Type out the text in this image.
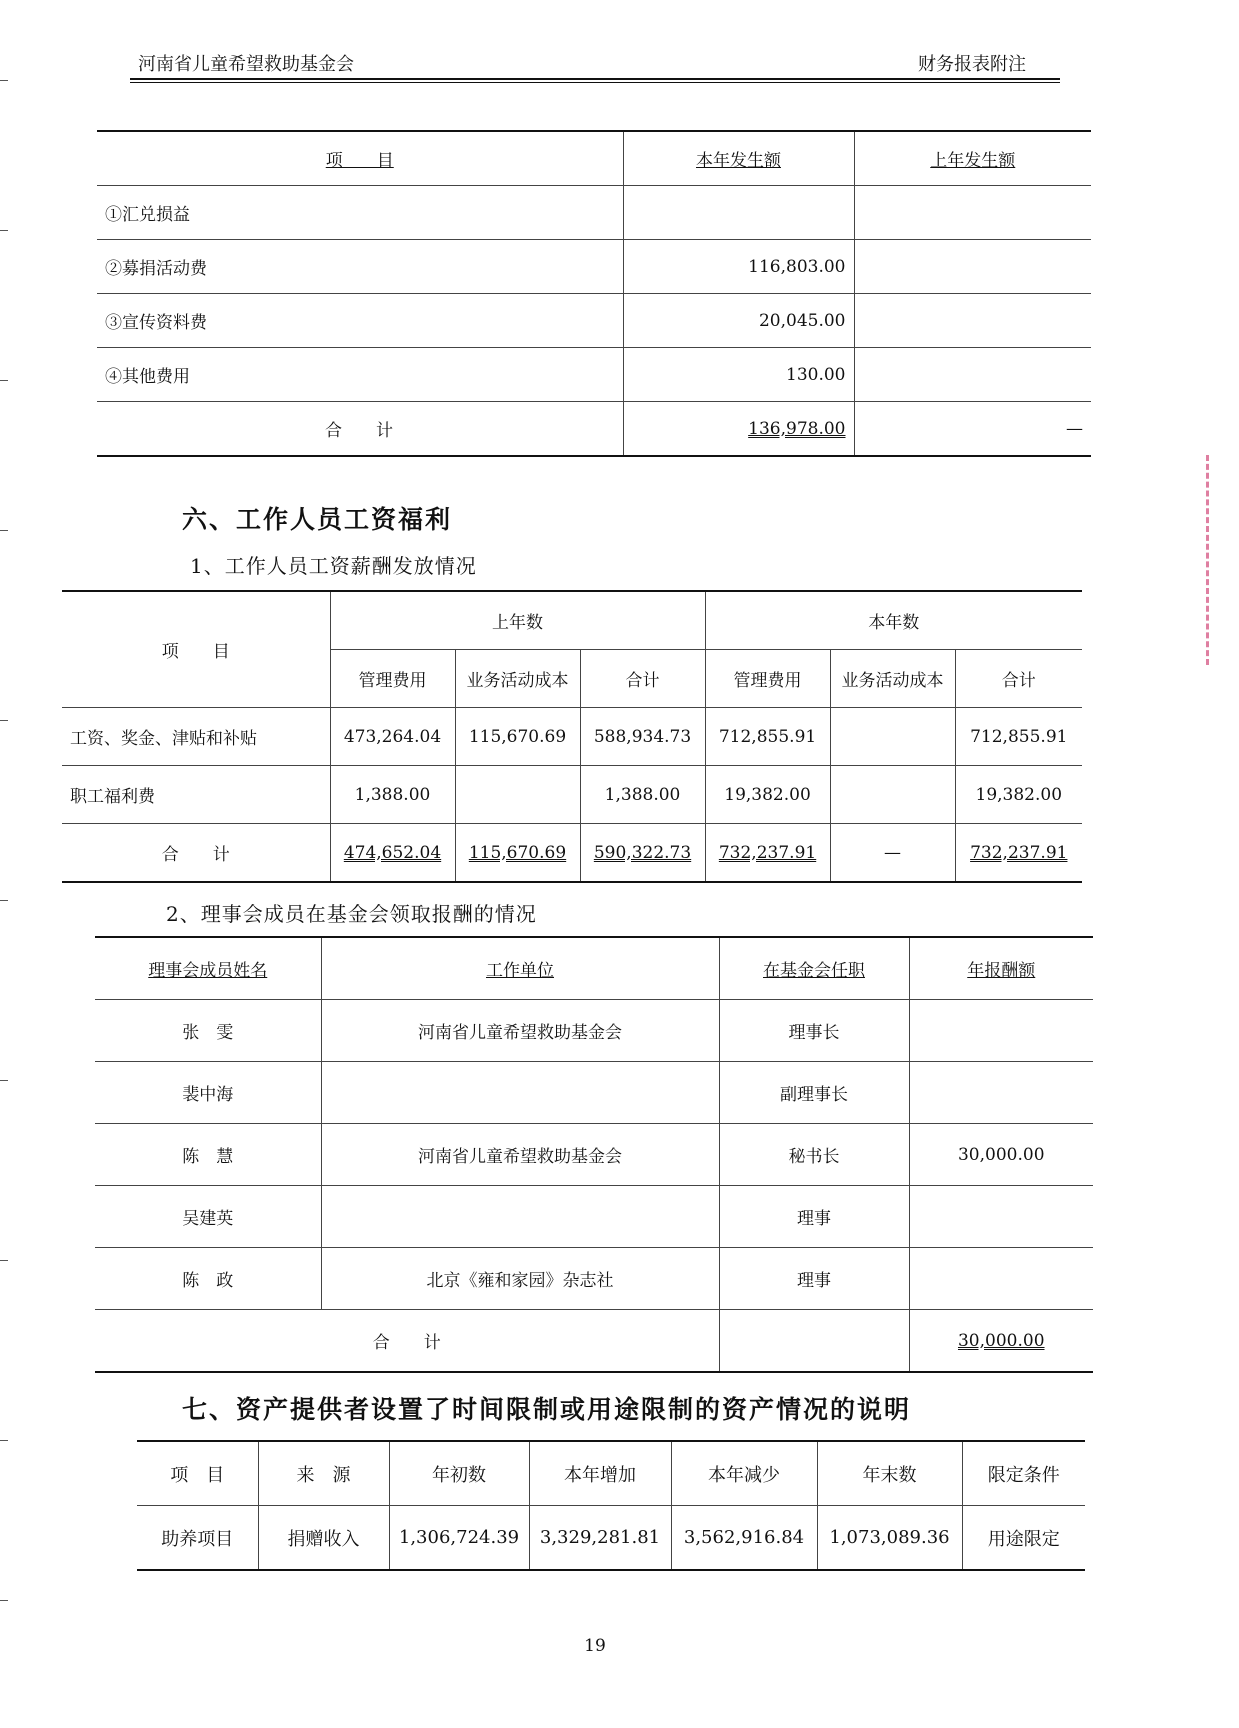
河南省儿童希望救助基金会	财务报表附注
项　　目	本年发生额	上年发生额
①汇兑损益		
②募捐活动费	116,803.00	
③宣传资料费	20,045.00	
④其他费用	130.00	
合　　计	136,978.00	—
六、工作人员工资福利
1、工作人员工资薪酬发放情况
项　　目	上年数			本年数		
	管理费用	业务活动成本	合计	管理费用	业务活动成本	合计
工资、奖金、津贴和补贴	473,264.04	115,670.69	588,934.73	712,855.91		712,855.91
职工福利费	1,388.00		1,388.00	19,382.00		19,382.00
合　　计	474,652.04	115,670.69	590,322.73	732,237.91	—	732,237.91
2、理事会成员在基金会领取报酬的情况
理事会成员姓名	工作单位	在基金会任职	年报酬额
张　雯	河南省儿童希望救助基金会	理事长	
裴中海		副理事长	
陈　慧	河南省儿童希望救助基金会	秘书长	30,000.00
吴建英		理事	
陈　政	北京《雍和家园》杂志社	理事	
合　　计			30,000.00
七、资产提供者设置了时间限制或用途限制的资产情况的说明
项　目	来　源	年初数	本年增加	本年减少	年末数	限定条件
助养项目	捐赠收入	1,306,724.39	3,329,281.81	3,562,916.84	1,073,089.36	用途限定
19
